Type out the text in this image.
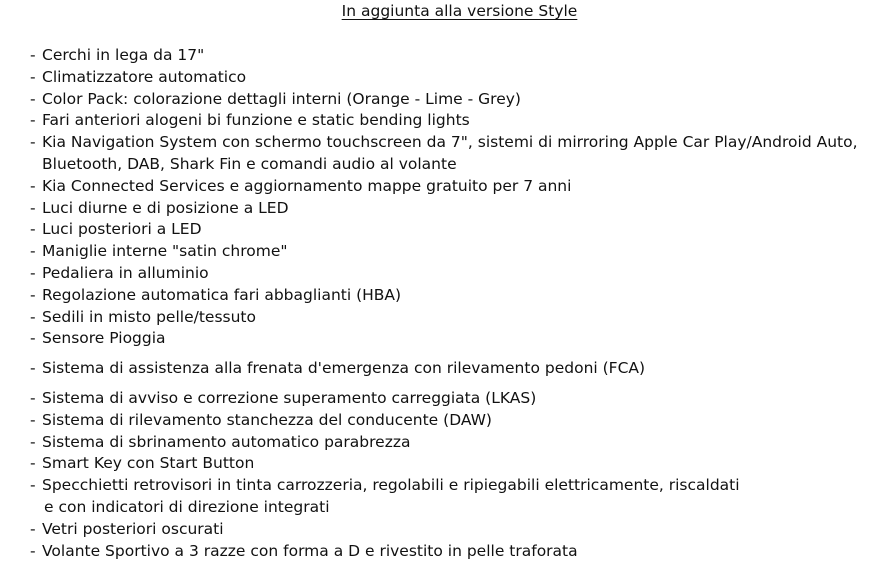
In aggiunta alla versione Style
- Cerchi in lega da 17"
- Climatizzatore automatico
- Color Pack: colorazione dettagli interni (Orange - Lime - Grey)
- Fari anteriori alogeni bi funzione e static bending lights
- Kia Navigation System con schermo touchscreen da 7", sistemi di mirroring Apple Car Play/Android Auto,
Bluetooth, DAB, Shark Fin e comandi audio al volante
- Kia Connected Services e aggiornamento mappe gratuito per 7 anni
- Luci diurne e di posizione a LED
- Luci posteriori a LED
- Maniglie interne "satin chrome"
- Pedaliera in alluminio
- Regolazione automatica fari abbaglianti (HBA)
- Sedili in misto pelle/tessuto
- Sensore Pioggia
- Sistema di assistenza alla frenata d'emergenza con rilevamento pedoni (FCA)
- Sistema di avviso e correzione superamento carreggiata (LKAS)
- Sistema di rilevamento stanchezza del conducente (DAW)
- Sistema di sbrinamento automatico parabrezza
- Smart Key con Start Button
- Specchietti retrovisori in tinta carrozzeria, regolabili e ripiegabili elettricamente, riscaldati
e con indicatori di direzione integrati
- Vetri posteriori oscurati
- Volante Sportivo a 3 razze con forma a D e rivestito in pelle traforata
